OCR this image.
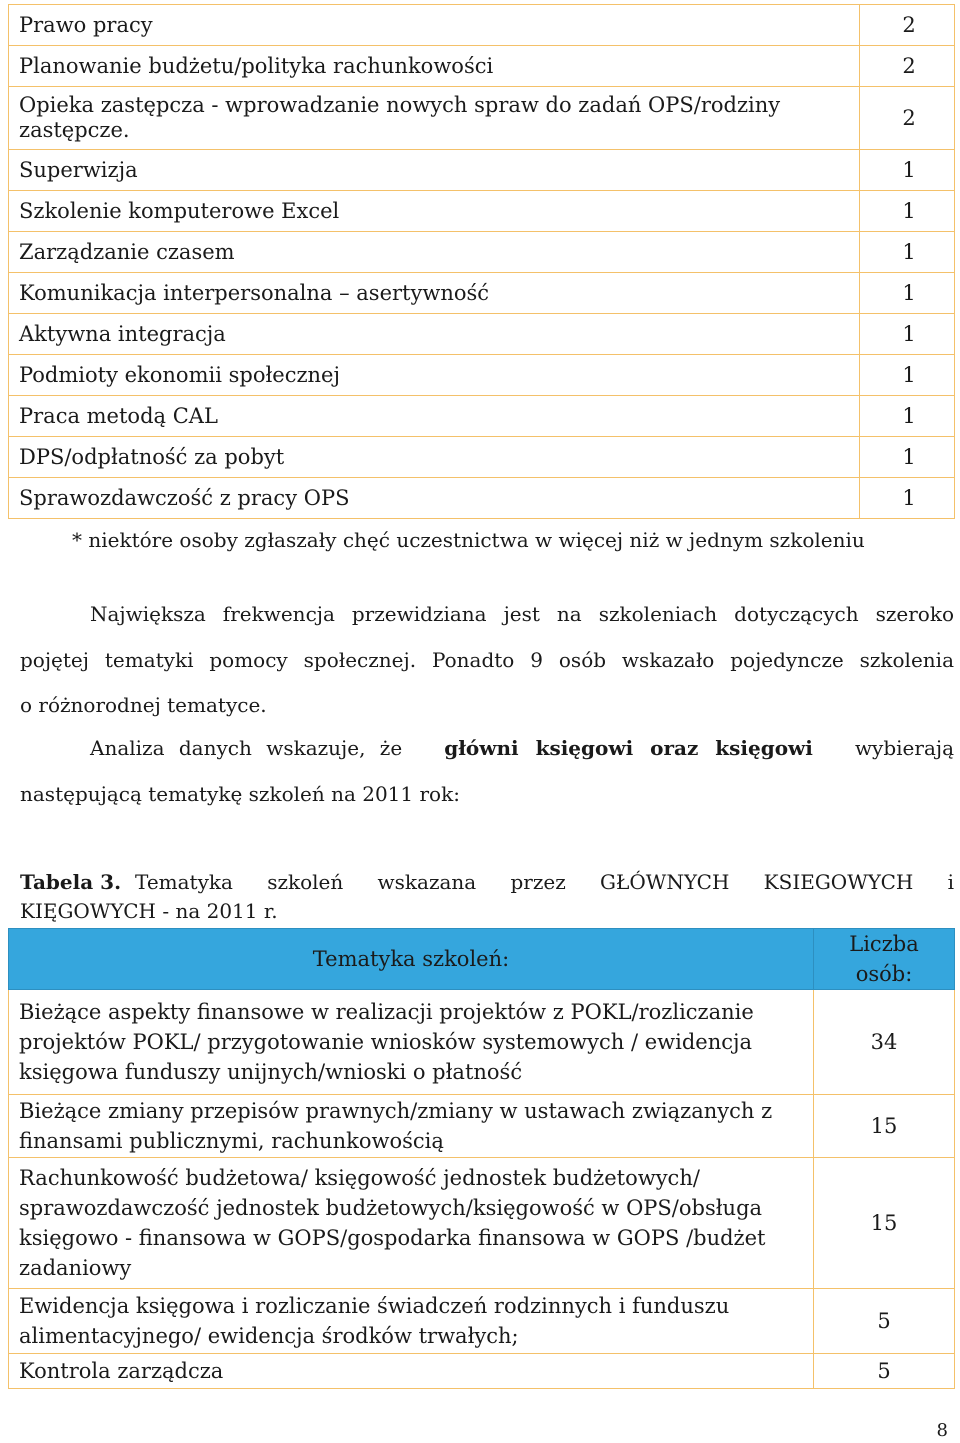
Prawo pracy	2
Planowanie budżetu/polityka rachunkowości	2
Opieka zastępcza - wprowadzanie nowych spraw do zadań OPS/rodziny zastępcze.	2
Superwizja	1
Szkolenie komputerowe Excel	1
Zarządzanie czasem	1
Komunikacja interpersonalna – asertywność	1
Aktywna integracja	1
Podmioty ekonomii społecznej	1
Praca metodą CAL	1
DPS/odpłatność za pobyt	1
Sprawozdawczość z pracy OPS	1
* niektóre osoby zgłaszały chęć uczestnictwa w więcej niż w jednym szkoleniu
Największa frekwencja przewidziana jest na szkoleniach dotyczących szeroko
pojętej tematyki pomocy społecznej. Ponadto 9 osób wskazało pojedyncze szkolenia
o różnorodnej tematyce.
Analiza danych wskazuje, że główni księgowi oraz księgowi wybierają
następującą tematykę szkoleń na 2011 rok:
Tabela 3. Tematyka szkoleń wskazana przez GŁÓWNYCH KSIEGOWYCH i
KIĘGOWYCH - na 2011 r.
Tematyka szkoleń:	Liczba osób:
Bieżące aspekty finansowe w realizacji projektów z POKL/rozliczanie projektów POKL/ przygotowanie wniosków systemowych / ewidencja księgowa funduszy unijnych/wnioski o płatność	34
Bieżące zmiany przepisów prawnych/zmiany w ustawach związanych z finansami publicznymi, rachunkowością	15
Rachunkowość budżetowa/ księgowość jednostek budżetowych/ sprawozdawczość jednostek budżetowych/księgowość w OPS/obsługa księgowo - finansowa w GOPS/gospodarka finansowa w GOPS /budżet zadaniowy	15
Ewidencja księgowa i rozliczanie świadczeń rodzinnych i funduszu alimentacyjnego/ ewidencja środków trwałych;	5
Kontrola zarządcza	5
8
